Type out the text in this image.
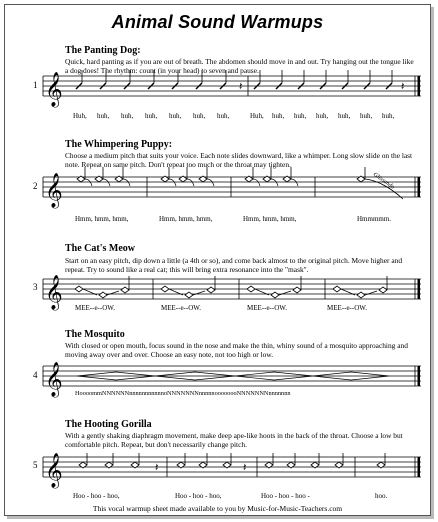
Animal Sound Warmups
The Panting Dog:
Quick, hard panting as if you are out of breath. The abdomen should move in and out. Try hanging out the tongue like a dog does! The rhythm: count (in your head) to seven and pause.
1 𝄞	𝄽	𝄽
The Whimpering Puppy:
Choose a medium pitch that suits your voice. Each note slides downward, like a whimper. Long slow slide on the last note. Repeat on same pitch. Don't repeat too much or the throat may tighten.
2 𝄞	Glissando
The Cat's Meow
Start on an easy pitch, dip down a little (a 4th or so), and come back almost to the original pitch. Move higher and repeat. Try to sound like a real cat; this will bring extra resonance into the "mask".
3 𝄞
The Mosquito
With closed or open mouth, focus sound in the nose and make the thin, whiny sound of a mosquito approaching and moving away over and over. Choose an easy note, not too high or low.
4 𝄞
The Hooting Gorilla
With a gently shaking diaphragm movement, make deep ape-like hoots in the back of the throat. Choose a low but comfortable pitch. Repeat, but don't necessarily change pitch.
5 𝄞	𝄽	𝄽
Huh, huh, huh, huh, huh, huh, huh,	Huh, huh, huh, huh, huh, huh, huh,
Hmm, hmm, hmm,	Hmm, hmm, hmm,	Hmm, hmm, hmm,	Hmmmmm.
MEE--e--OW.	MEE--e--OW.	MEE--e--OW.	MEE--e--OW.
HoooommNNNNNNnnnnnnnnnnnoNNNNNNNnnnnnoooooooNNNNNNNnnnnnnn
Hoo - hoo - hoo,	Hoo - hoo - hoo,	Hoo - hoo - hoo -	hoo.
This vocal warmup sheet made available to you by Music-for-Music-Teachers.com
